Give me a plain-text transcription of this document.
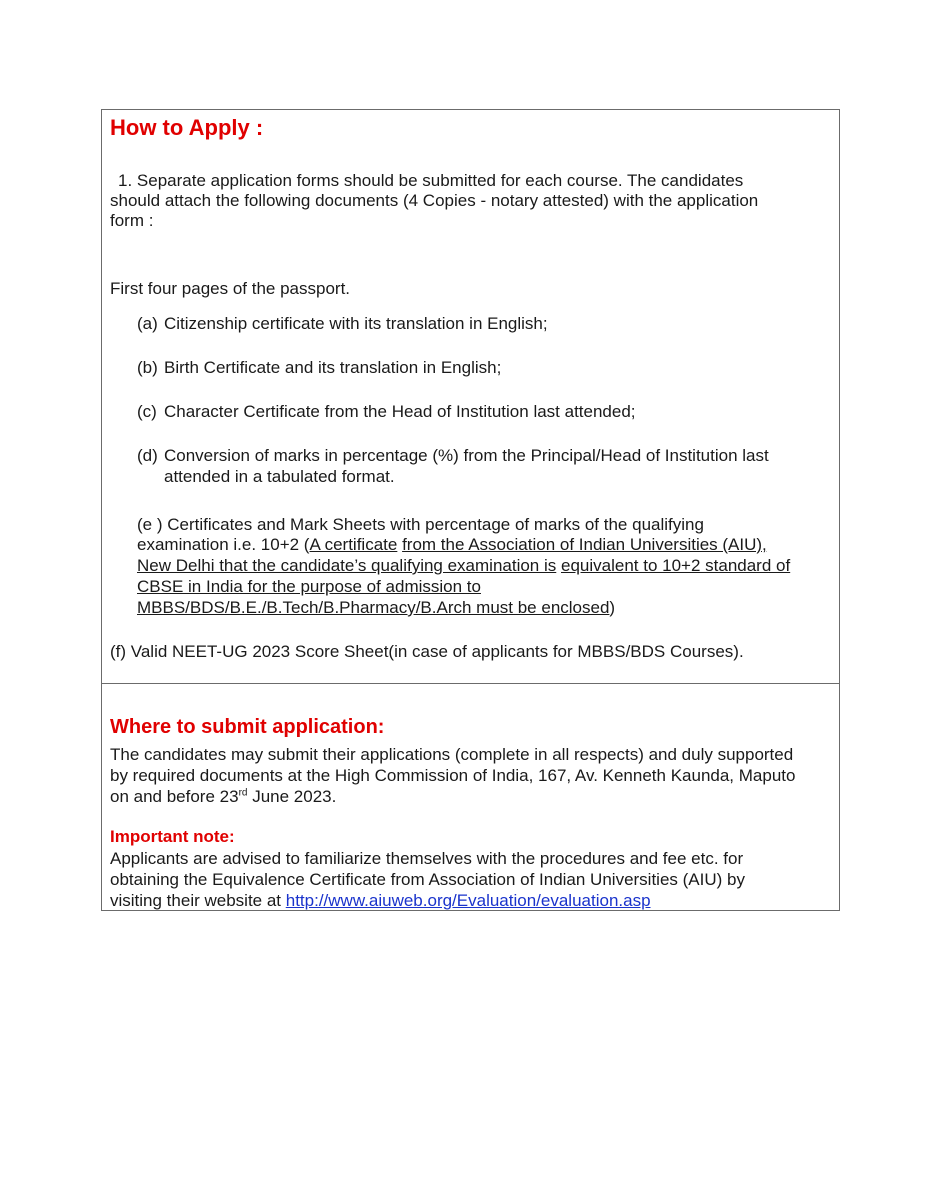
How to Apply :
1. Separate application forms should be submitted for each course. The candidates
should attach the following documents (4 Copies - notary attested) with the application
form :
First four pages of the passport.
(a) Citizenship certificate with its translation in English;
(b) Birth Certificate and its translation in English;
(c) Character Certificate from the Head of Institution last attended;
(d) Conversion of marks in percentage (%) from the Principal/Head of Institution last
attended in a tabulated format.
(e ) Certificates and Mark Sheets with percentage of marks of the qualifying
examination i.e. 10+2 (A certificate from the Association of Indian Universities (AIU),
New Delhi that the candidate’s qualifying examination is equivalent to 10+2 standard of
CBSE in India for the purpose of admission to
MBBS/BDS/B.E./B.Tech/B.Pharmacy/B.Arch must be enclosed)
(f) Valid NEET-UG 2023 Score Sheet(in case of applicants for MBBS/BDS Courses).
Where to submit application:
The candidates may submit their applications (complete in all respects) and duly supported
by required documents at the High Commission of India, 167, Av. Kenneth Kaunda, Maputo
on and before 23rd June 2023.
Important note:
Applicants are advised to familiarize themselves with the procedures and fee etc. for
obtaining the Equivalence Certificate from Association of Indian Universities (AIU) by
visiting their website at http://www.aiuweb.org/Evaluation/evaluation.asp
